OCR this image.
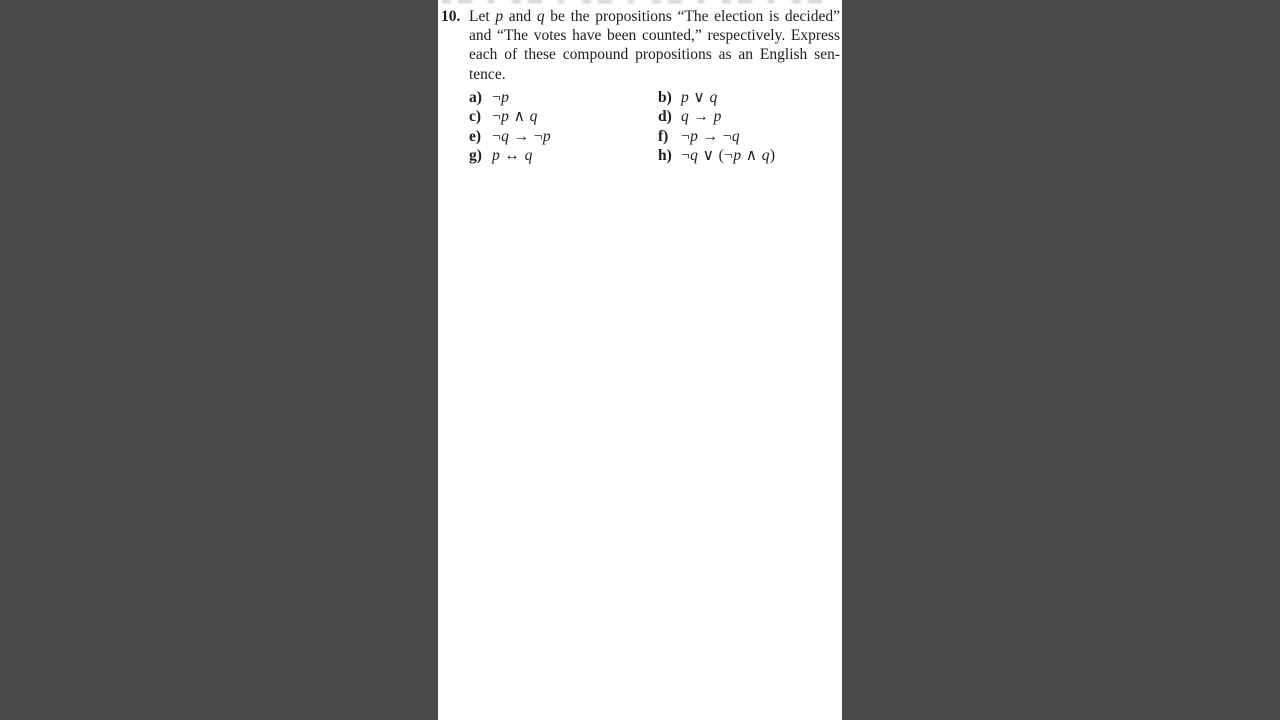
10. Let p and q be the propositions “The election is decided”
and “The votes have been counted,” respectively. Express
each of these compound propositions as an English sen-
tence.
a) ¬p	b) p ∨ q
c) ¬p ∧ q	d) q → p
e) ¬q → ¬p	f) ¬p → ¬q
g) p ↔ q	h) ¬q ∨ (¬p ∧ q)
